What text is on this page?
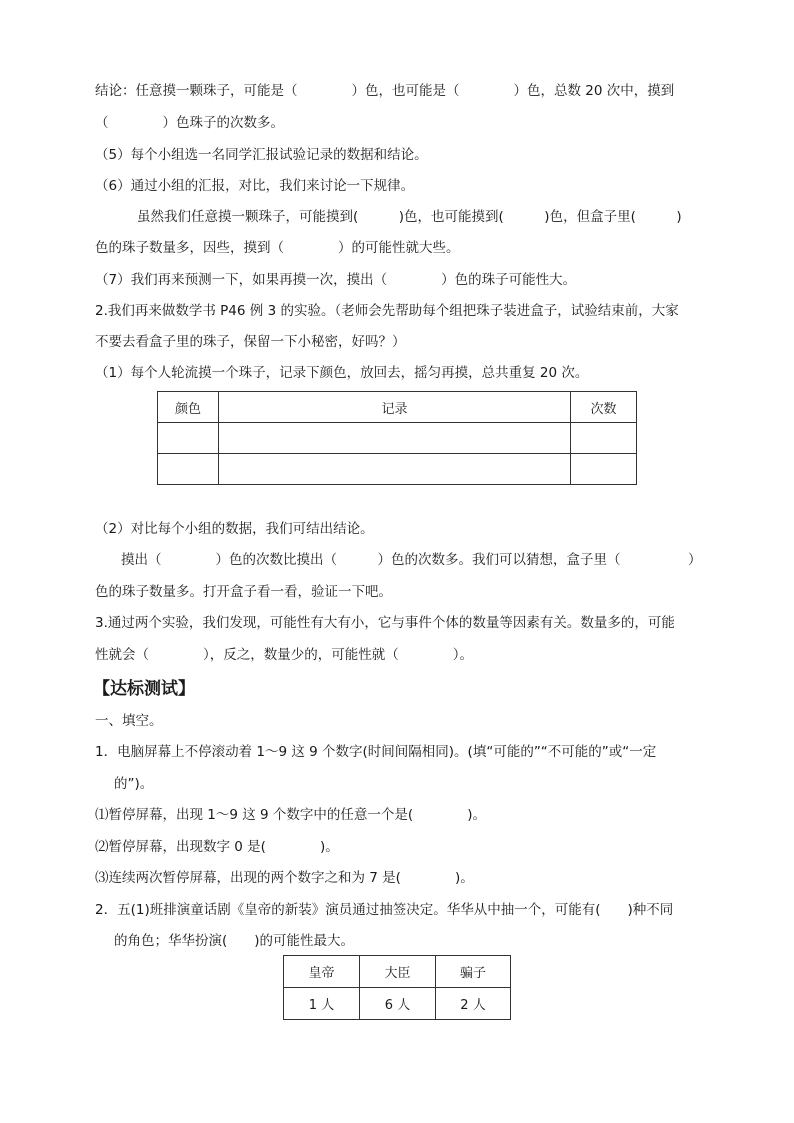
结论：任意摸一颗珠子，可能是（　　　　）色，也可能是（　　　　）色，总数 20 次中，摸到
（　　　　）色珠子的次数多。
（5）每个小组选一名同学汇报试验记录的数据和结论。
（6）通过小组的汇报，对比，我们来讨论一下规律。
虽然我们任意摸一颗珠子，可能摸到(　　　)色，也可能摸到(　　　)色，但盒子里(　　　)
色的珠子数量多，因些，摸到（　　　　）的可能性就大些。
（7）我们再来预测一下，如果再摸一次，摸出（　　　　）色的珠子可能性大。
2.我们再来做数学书 P46 例 3 的实验。（老师会先帮助每个组把珠子装进盒子，试验结束前，大家
不要去看盒子里的珠子，保留一下小秘密，好吗？）
（1）每个人轮流摸一个珠子，记录下颜色，放回去，摇匀再摸，总共重复 20 次。
颜色	记录	次数

（2）对比每个小组的数据，我们可结出结论。
摸出（　　　　）色的次数比摸出（　　　）色的次数多。我们可以猜想，盒子里（　　　　　）
色的珠子数量多。打开盒子看一看，验证一下吧。
3.通过两个实验，我们发现，可能性有大有小，它与事件个体的数量等因素有关。数量多的，可能
性就会（　　　　），反之，数量少的，可能性就（　　　　）。
【达标测试】
一、填空。
1．电脑屏幕上不停滚动着 1～9 这 9 个数字(时间间隔相同)。(填“可能的”“不可能的”或“一定
的”)。
⑴暂停屏幕，出现 1～9 这 9 个数字中的任意一个是(　　　　)。
⑵暂停屏幕，出现数字 0 是(　　　　)。
⑶连续两次暂停屏幕，出现的两个数字之和为 7 是(　　　　)。
2．五(1)班排演童话剧《皇帝的新装》演员通过抽签决定。华华从中抽一个，可能有(　　)种不同
的角色；华华扮演(　　)的可能性最大。
皇帝	大臣	骗子
1 人	6 人	2 人
